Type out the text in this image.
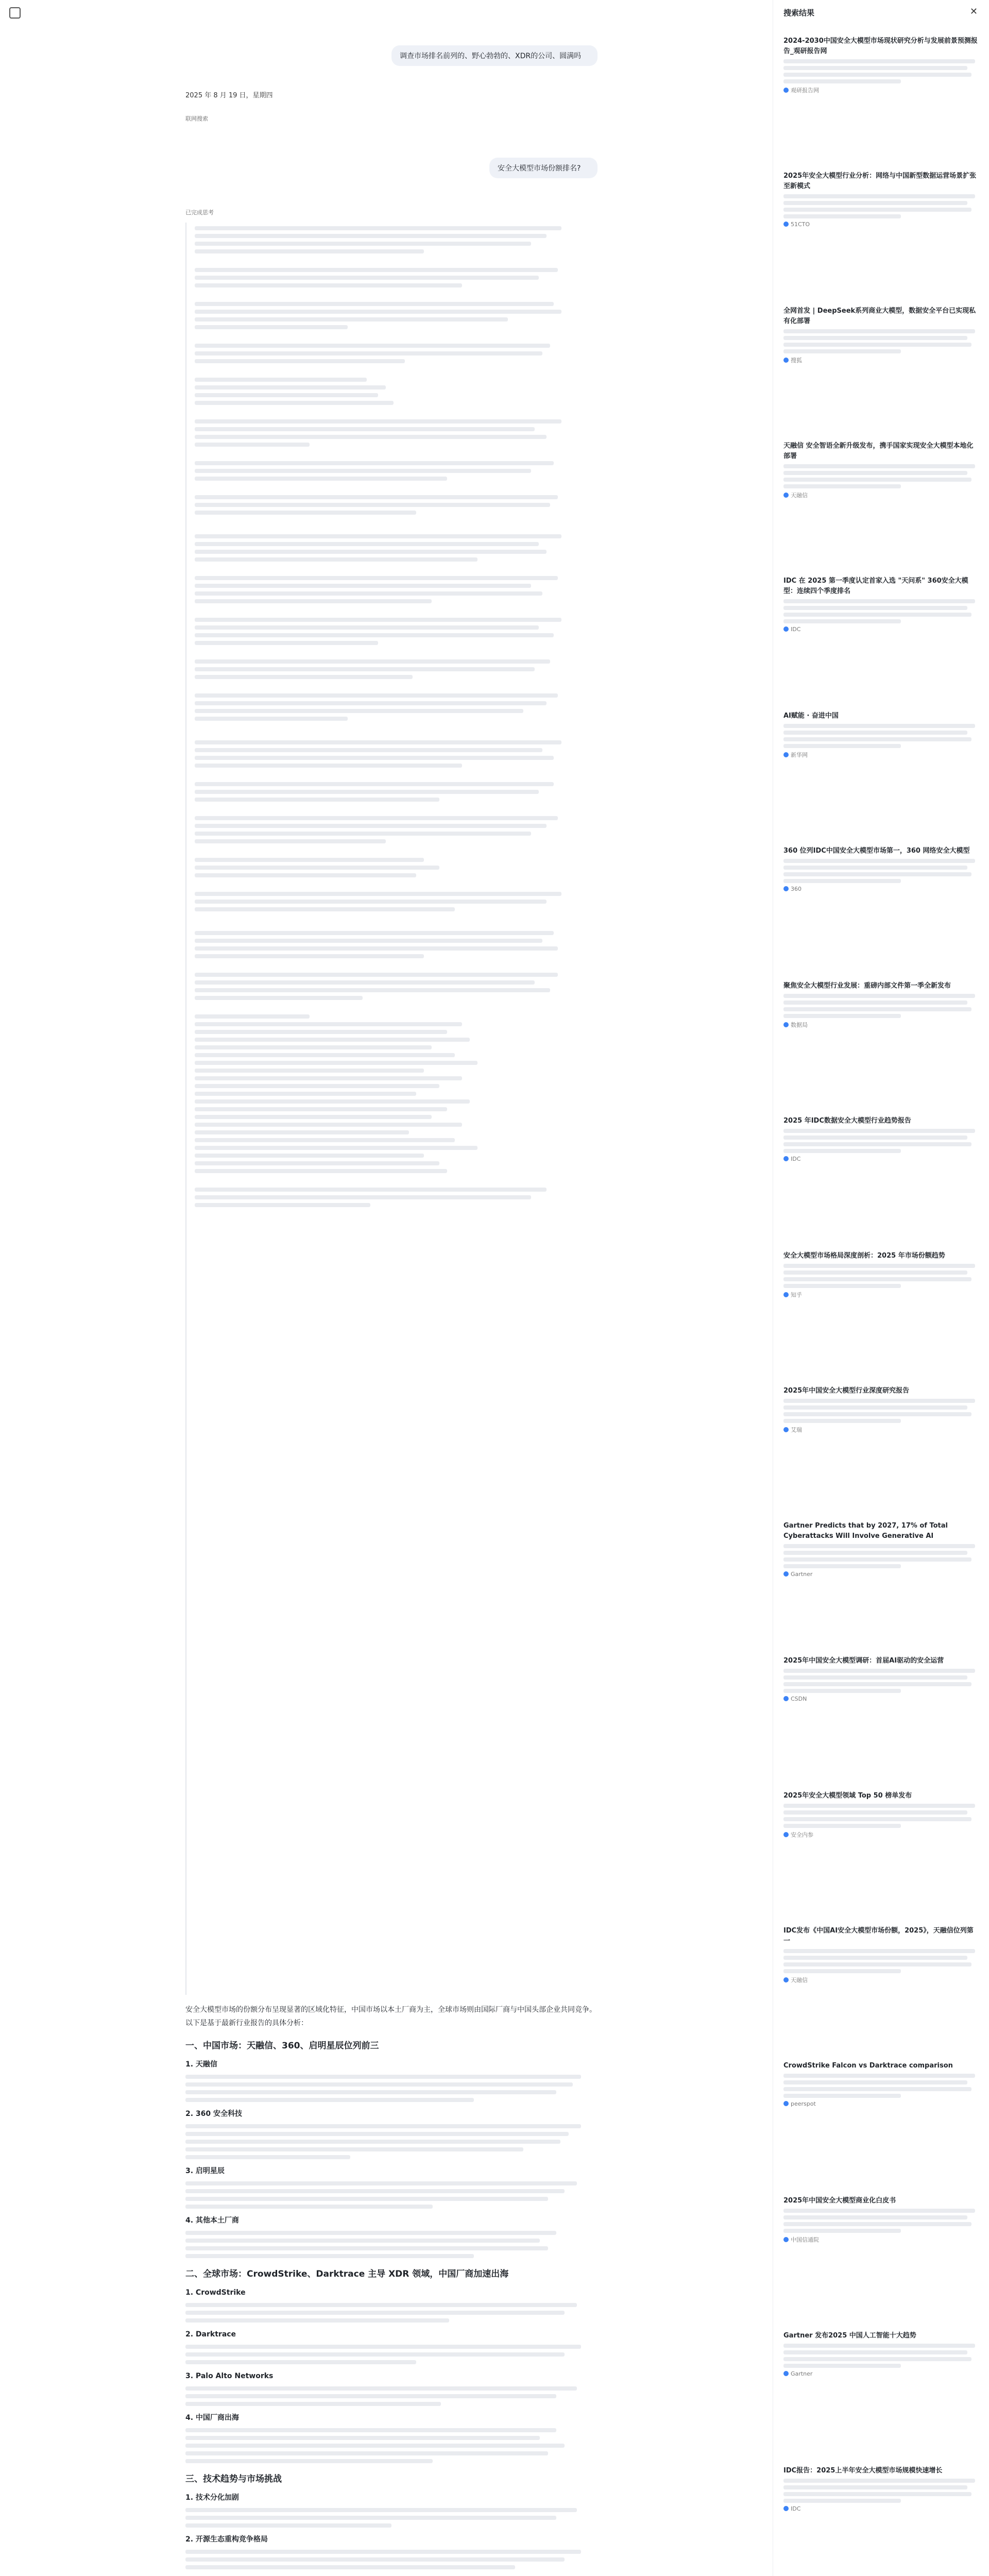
调查市场排名前列的、野心勃勃的、XDR的公司、圆满吗
2025 年 8 月 19 日，星期四
联网搜索
安全大模型市场份额排名?
已完成思考

安全大模型市场的份额分布呈现显著的区域化特征，中国市场以本土厂商为主，全球市场则由国际厂商与中国头部企业共同竞争。以下是基于最新行业报告的具体分析：

一、中国市场：天融信、360、启明星辰位列前三
1. 天融信
2. 360 安全科技
3. 启明星辰
4. 其他本土厂商
二、全球市场：CrowdStrike、Darktrace 主导 XDR 领域，中国厂商加速出海
1. CrowdStrike
2. Darktrace
3. Palo Alto Networks
4. 中国厂商出海
三、技术趋势与市场挑战
1. 技术分化加剧
2. 开源生态重构竞争格局
搜索结果	✕
2024-2030中国安全大模型市场现状研究分析与发展前景预测报告_观研报告网
观研报告网
2025年安全大模型行业分析：网络与中国新型数据运营场景扩张至新模式
51CTO
全网首发 | DeepSeek系列商业大模型，数据安全平台已实现私有化部署
搜狐
天融信 安全智语全新升级发布，携手国家实现安全大模型本地化部署
天融信
IDC 在 2025 第一季度认定首家入选 "天问系" 360安全大模型：连续四个季度排名
IDC
AI赋能 · 奋进中国
新华网
360 位列IDC中国安全大模型市场第一，360 网络安全大模型
360
聚焦安全大模型行业发展：重磅内部文件第一季全新发布
数据局
2025 年IDC数据安全大模型行业趋势报告
IDC
安全大模型市场格局深度剖析：2025 年市场份额趋势
知乎
2025年中国安全大模型行业深度研究报告
艾瑞
Gartner Predicts that by 2027, 17% of Total Cyberattacks Will Involve Generative AI
Gartner
2025年中国安全大模型调研：首届AI驱动的安全运营
CSDN
2025年安全大模型领域 Top 50 榜单发布
安全内参
IDC发布《中国AI安全大模型市场份额，2025》，天融信位列第一
天融信
CrowdStrike Falcon vs Darktrace comparison
peerspot
2025年中国安全大模型商业化白皮书
中国信通院
Gartner 发布2025 中国人工智能十大趋势
Gartner
IDC报告：2025上半年安全大模型市场规模快速增长
IDC
